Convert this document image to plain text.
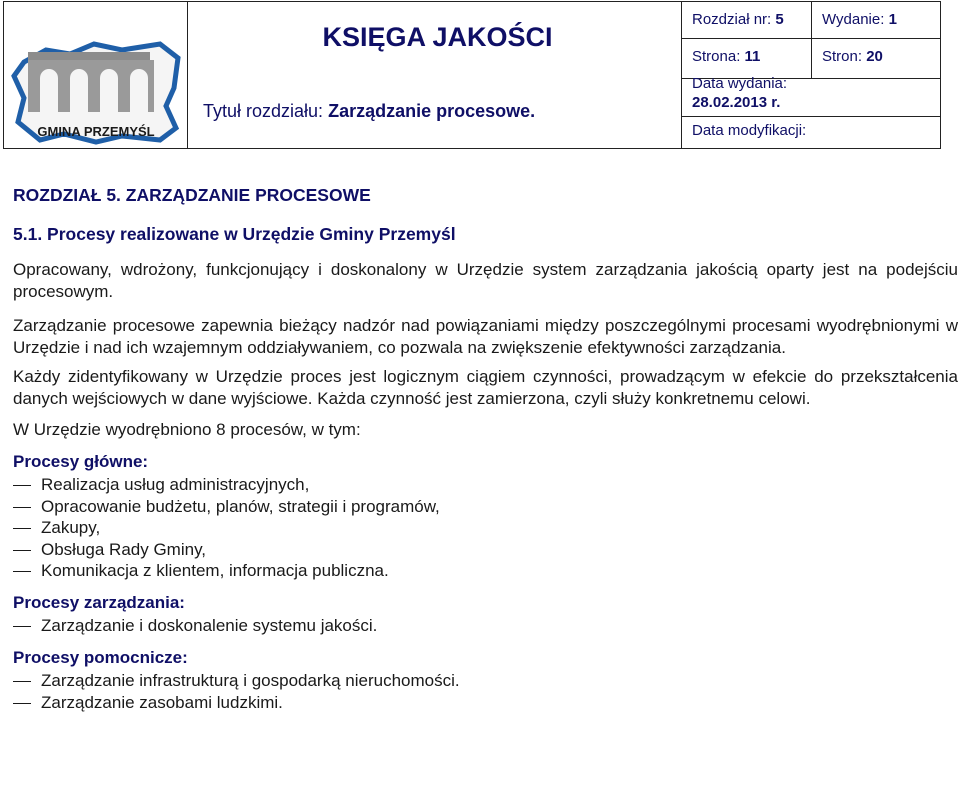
GMINA PRZEMYŚL
KSIĘGA JAKOŚCI
Tytuł rozdziału: Zarządzanie procesowe.
Rozdział nr: 5	Wydanie: 1
Strona: 11	Stron: 20
Data wydania:
28.02.2013 r.
Data modyfikacji:
ROZDZIAŁ 5. ZARZĄDZANIE PROCESOWE
5.1. Procesy realizowane w Urzędzie Gminy Przemyśl
Opracowany, wdrożony, funkcjonujący i doskonalony w Urzędzie system zarządzania jakością oparty jest na podejściu procesowym.
Zarządzanie procesowe zapewnia bieżący nadzór nad powiązaniami między poszczególnymi procesami wyodrębnionymi w Urzędzie i nad ich wzajemnym oddziaływaniem, co pozwala na zwiększenie efektywności zarządzania.
Każdy zidentyfikowany w Urzędzie proces jest logicznym ciągiem czynności, prowadzącym w efekcie do przekształcenia danych wejściowych w dane wyjściowe. Każda czynność jest zamierzona, czyli służy konkretnemu celowi.
W Urzędzie wyodrębniono 8 procesów, w tym:
Procesy główne:
Realizacja usług administracyjnych,
Opracowanie budżetu, planów, strategii i programów,
Zakupy,
Obsługa Rady Gminy,
Komunikacja z klientem, informacja publiczna.
Procesy zarządzania:
Zarządzanie i doskonalenie systemu jakości.
Procesy pomocnicze:
Zarządzanie infrastrukturą i gospodarką nieruchomości.
Zarządzanie zasobami ludzkimi.
